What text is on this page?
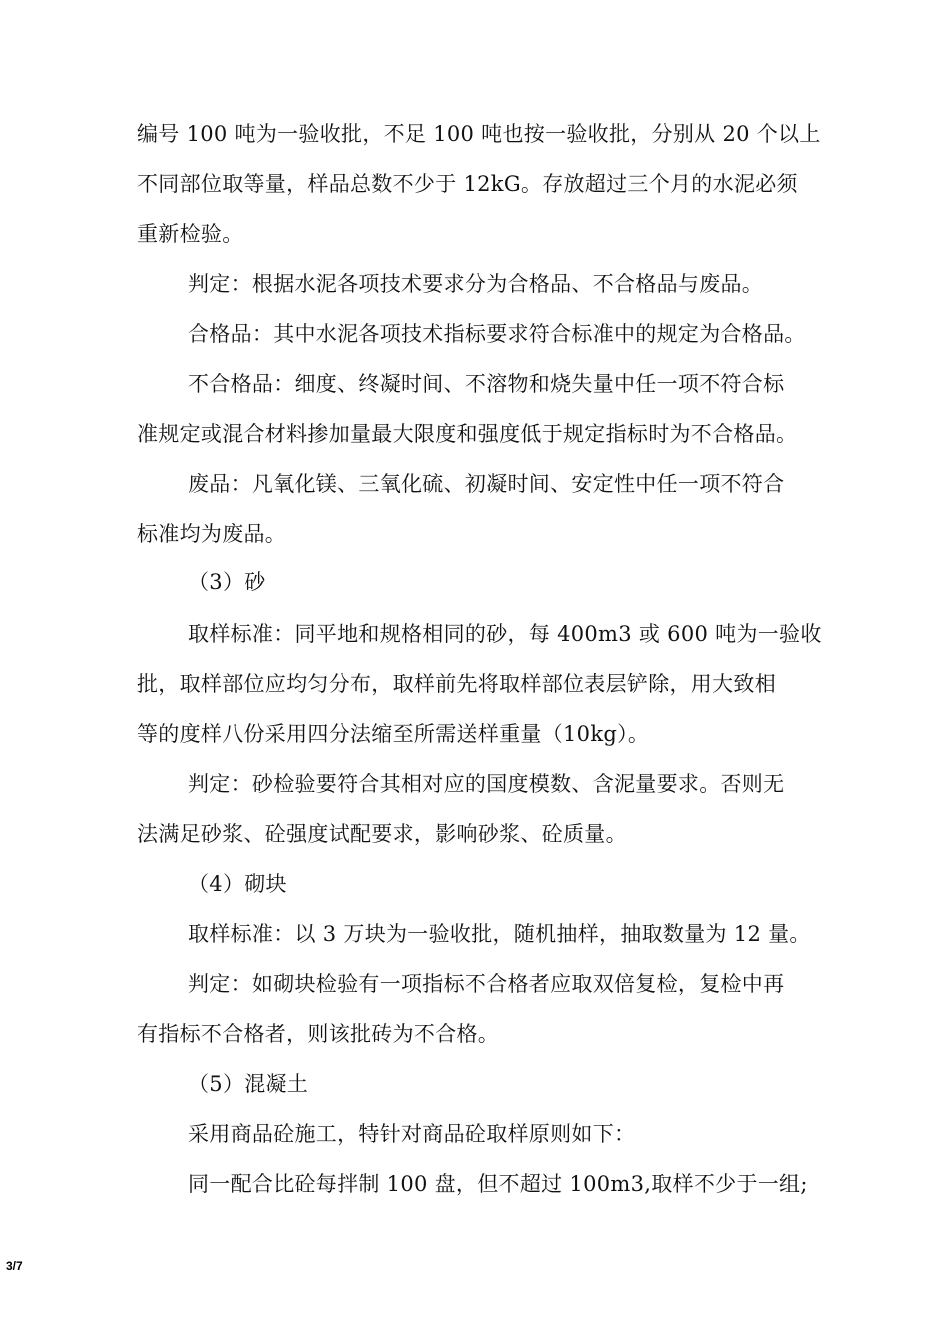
编号 100 吨为一验收批，不足 100 吨也按一验收批，分别从 20 个以上
不同部位取等量，样品总数不少于 12kG。存放超过三个月的水泥必须
重新检验。
判定：根据水泥各项技术要求分为合格品、不合格品与废品。
合格品：其中水泥各项技术指标要求符合标准中的规定为合格品。
不合格品：细度、终凝时间、不溶物和烧失量中任一项不符合标
准规定或混合材料掺加量最大限度和强度低于规定指标时为不合格品。
废品：凡氧化镁、三氧化硫、初凝时间、安定性中任一项不符合
标准均为废品。
（3）砂
取样标准：同平地和规格相同的砂，每 400m3 或 600 吨为一验收
批，取样部位应均匀分布，取样前先将取样部位表层铲除，用大致相
等的度样八份采用四分法缩至所需送样重量（10kg）。
判定：砂检验要符合其相对应的国度模数、含泥量要求。否则无
法满足砂浆、砼强度试配要求，影响砂浆、砼质量。
（4）砌块
取样标准：以 3 万块为一验收批，随机抽样，抽取数量为 12 量。
判定：如砌块检验有一项指标不合格者应取双倍复检，复检中再
有指标不合格者，则该批砖为不合格。
（5）混凝土
采用商品砼施工，特针对商品砼取样原则如下：
同一配合比砼每拌制 100 盘，但不超过 100m3,取样不少于一组;
3/7
